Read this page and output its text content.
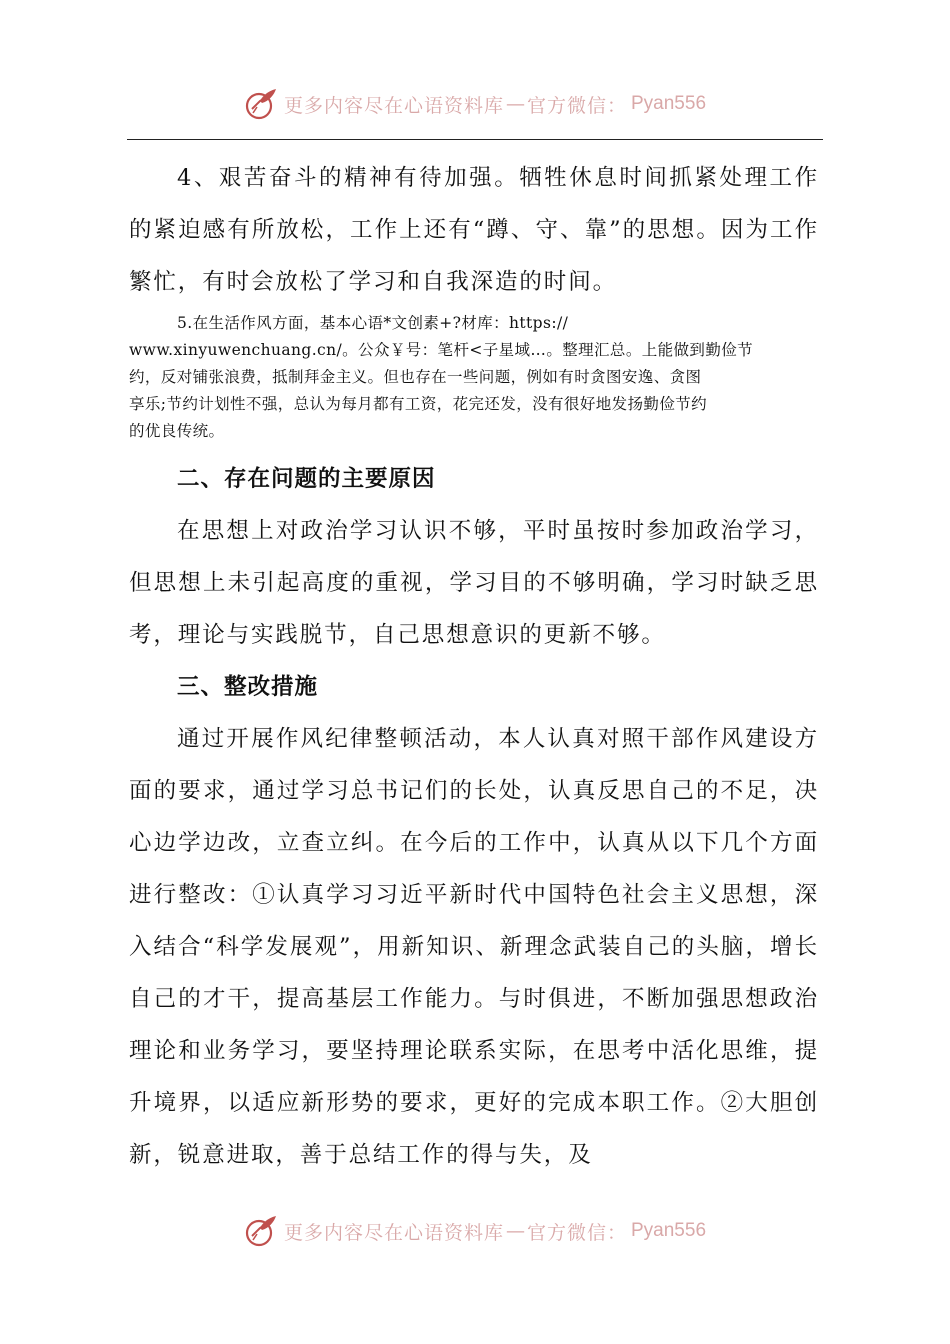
更多内容尽在心语资料库 — 官方微信： Pyan556

4、艰苦奋斗的精神有待加强。牺牲休息时间抓紧处理工作的紧迫感有所放松，工作上还有“蹲、守、靠”的思想。因为工作繁忙，有时会放松了学习和自我深造的时间。

5.在生活作风方面，基本心语*文创素+?材库：https://
www.xinyuwenchuang.cn/。公众￥号：笔杆<子星域…。整理汇总。上能做到勤俭节
约，反对铺张浪费，抵制拜金主义。但也存在一些问题，例如有时贪图安逸、贪图
享乐;节约计划性不强，总认为每月都有工资，花完还发，没有很好地发扬勤俭节约
的优良传统。
二、存在问题的主要原因

在思想上对政治学习认识不够，平时虽按时参加政治学习，但思想上未引起高度的重视，学习目的不够明确，学习时缺乏思考，理论与实践脱节，自己思想意识的更新不够。

三、整改措施

通过开展作风纪律整顿活动，本人认真对照干部作风建设方面的要求，通过学习总书记们的长处，认真反思自己的不足，决心边学边改，立查立纠。在今后的工作中，认真从以下几个方面进行整改：①认真学习习近平新时代中国特色社会主义思想，深入结合“科学发展观”，用新知识、新理念武装自己的头脑，增长自己的才干，提高基层工作能力。与时俱进，不断加强思想政治理论和业务学习，要坚持理论联系实际，在思考中活化思维，提升境界，以适应新形势的要求，更好的完成本职工作。②大胆创新，锐意进取，善于总结工作的得与失，及

更多内容尽在心语资料库 — 官方微信： Pyan556
